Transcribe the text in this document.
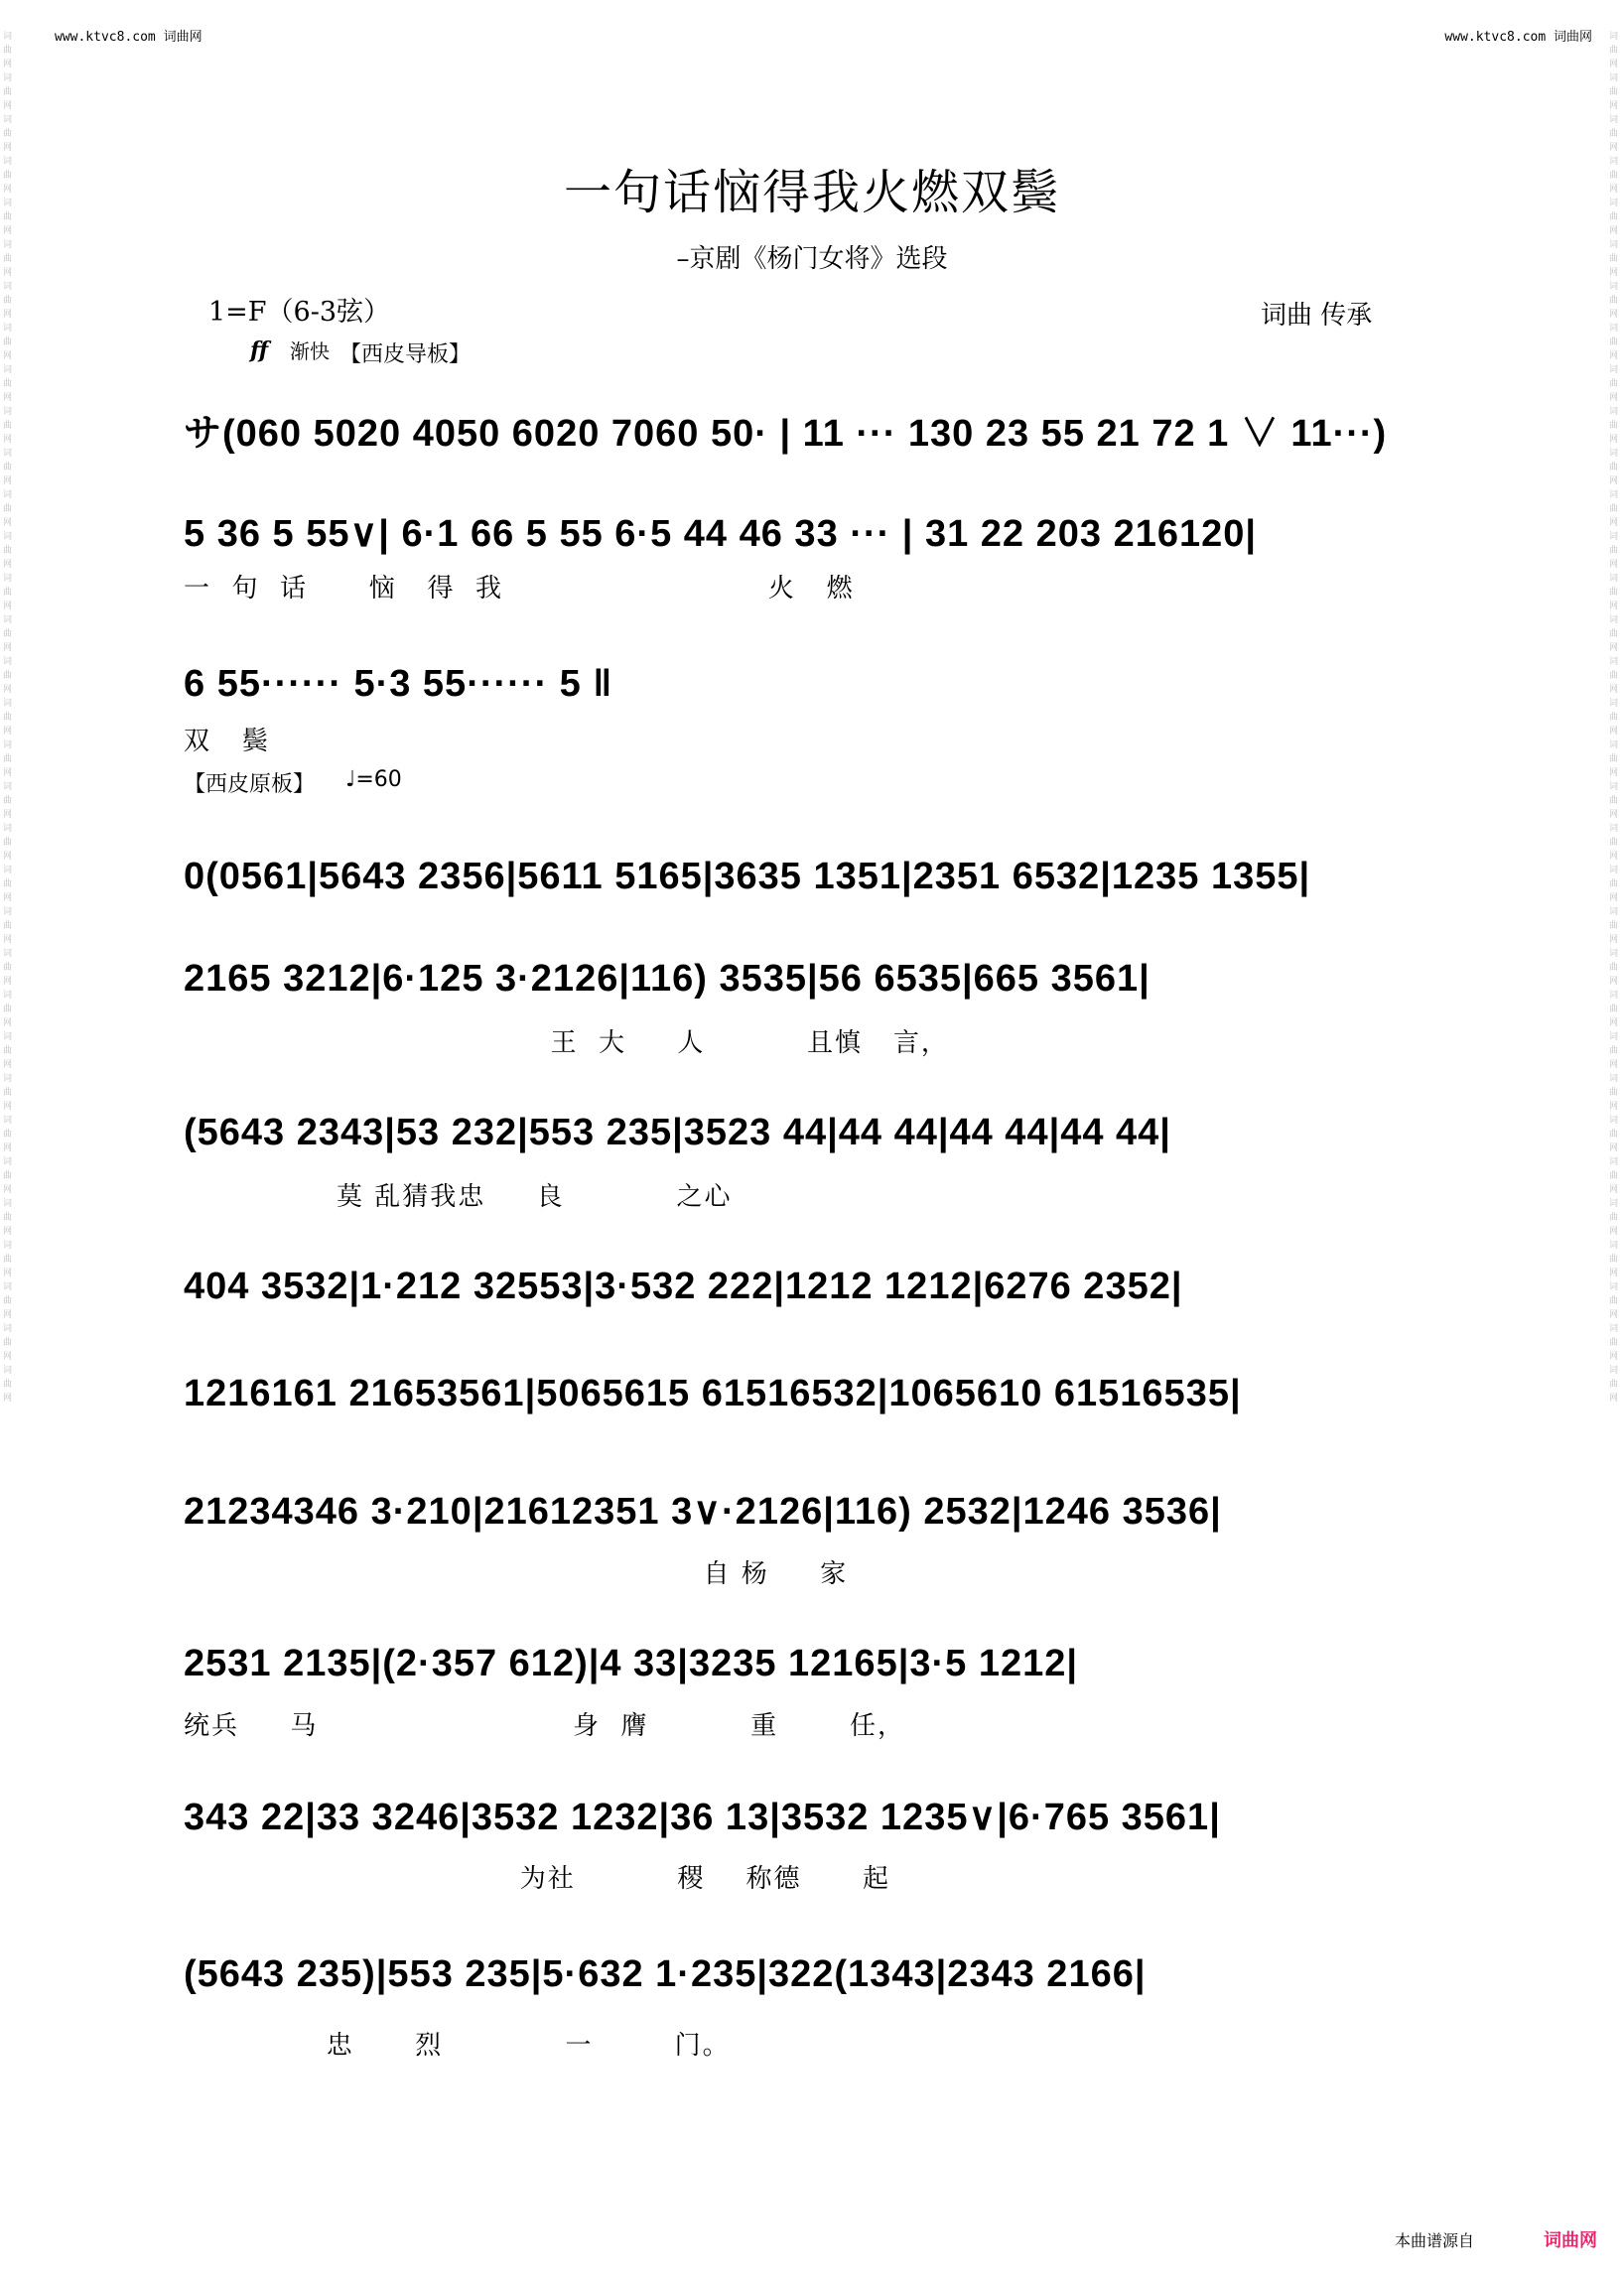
www.ktvc8.com 词曲网	www.ktvc8.com 词曲网
词曲网词曲网词曲网词曲网词曲网词曲网词曲网词曲网词曲网词曲网词曲网词曲网词曲网词曲网词曲网词曲网词曲网词曲网词曲网词曲网词曲网词曲网词曲网词曲网词曲网词曲网词曲网词曲网词曲网词曲网词曲网词曲网词曲网
词曲网词曲网词曲网词曲网词曲网词曲网词曲网词曲网词曲网词曲网词曲网词曲网词曲网词曲网词曲网词曲网词曲网词曲网词曲网词曲网词曲网词曲网词曲网词曲网词曲网词曲网词曲网词曲网词曲网词曲网词曲网词曲网词曲网
一句话恼得我火燃双鬓
–京剧《杨门女将》选段
1=F（6-3弦）	词曲 传承
ff 渐快 【西皮导板】
サ(060 5020 4050 6020 7060 50· | 11 ··· 130 23 55 21 72 1 ∨ 11···)
5 36 5 55∨| 6·1 66 5 55 6·5 44 46 33 ··· | 31 22 203 216120|
一  句  话      恼   得  我                          火   燃
6 55······ 5·3 55······ 5 ‖
双   鬓
【西皮原板】 ♩=60
0(0561|5643 2356|5611 5165|3635 1351|2351 6532|1235 1355|
2165 3212|6·125 3·2126|116) 3535|56 6535|665 3561|
王  大     人          且慎   言，
(5643 2343|53 232|553 235|3523 44|44 44|44 44|44 44|
莫 乱猜我忠     良           之心
404 3532|1·212 32553|3·532 222|1212 1212|6276 2352|
1216161 21653561|5065615 61516532|1065610 61516535|
21234346 3·210|21612351 3∨·2126|116) 2532|1246 3536|
自 杨     家
2531 2135|(2·357 612)|4 33|3235 12165|3·5 1212|
统兵     马                         身  膺          重       任，
343 22|33 3246|3532 1232|36 13|3532 1235∨|6·765 3561|
为社          稷    称德      起
(5643 235)|553 235|5·632 1·235|322(1343|2343 2166|
忠      烈            一        门。
本曲谱源自	词曲网
